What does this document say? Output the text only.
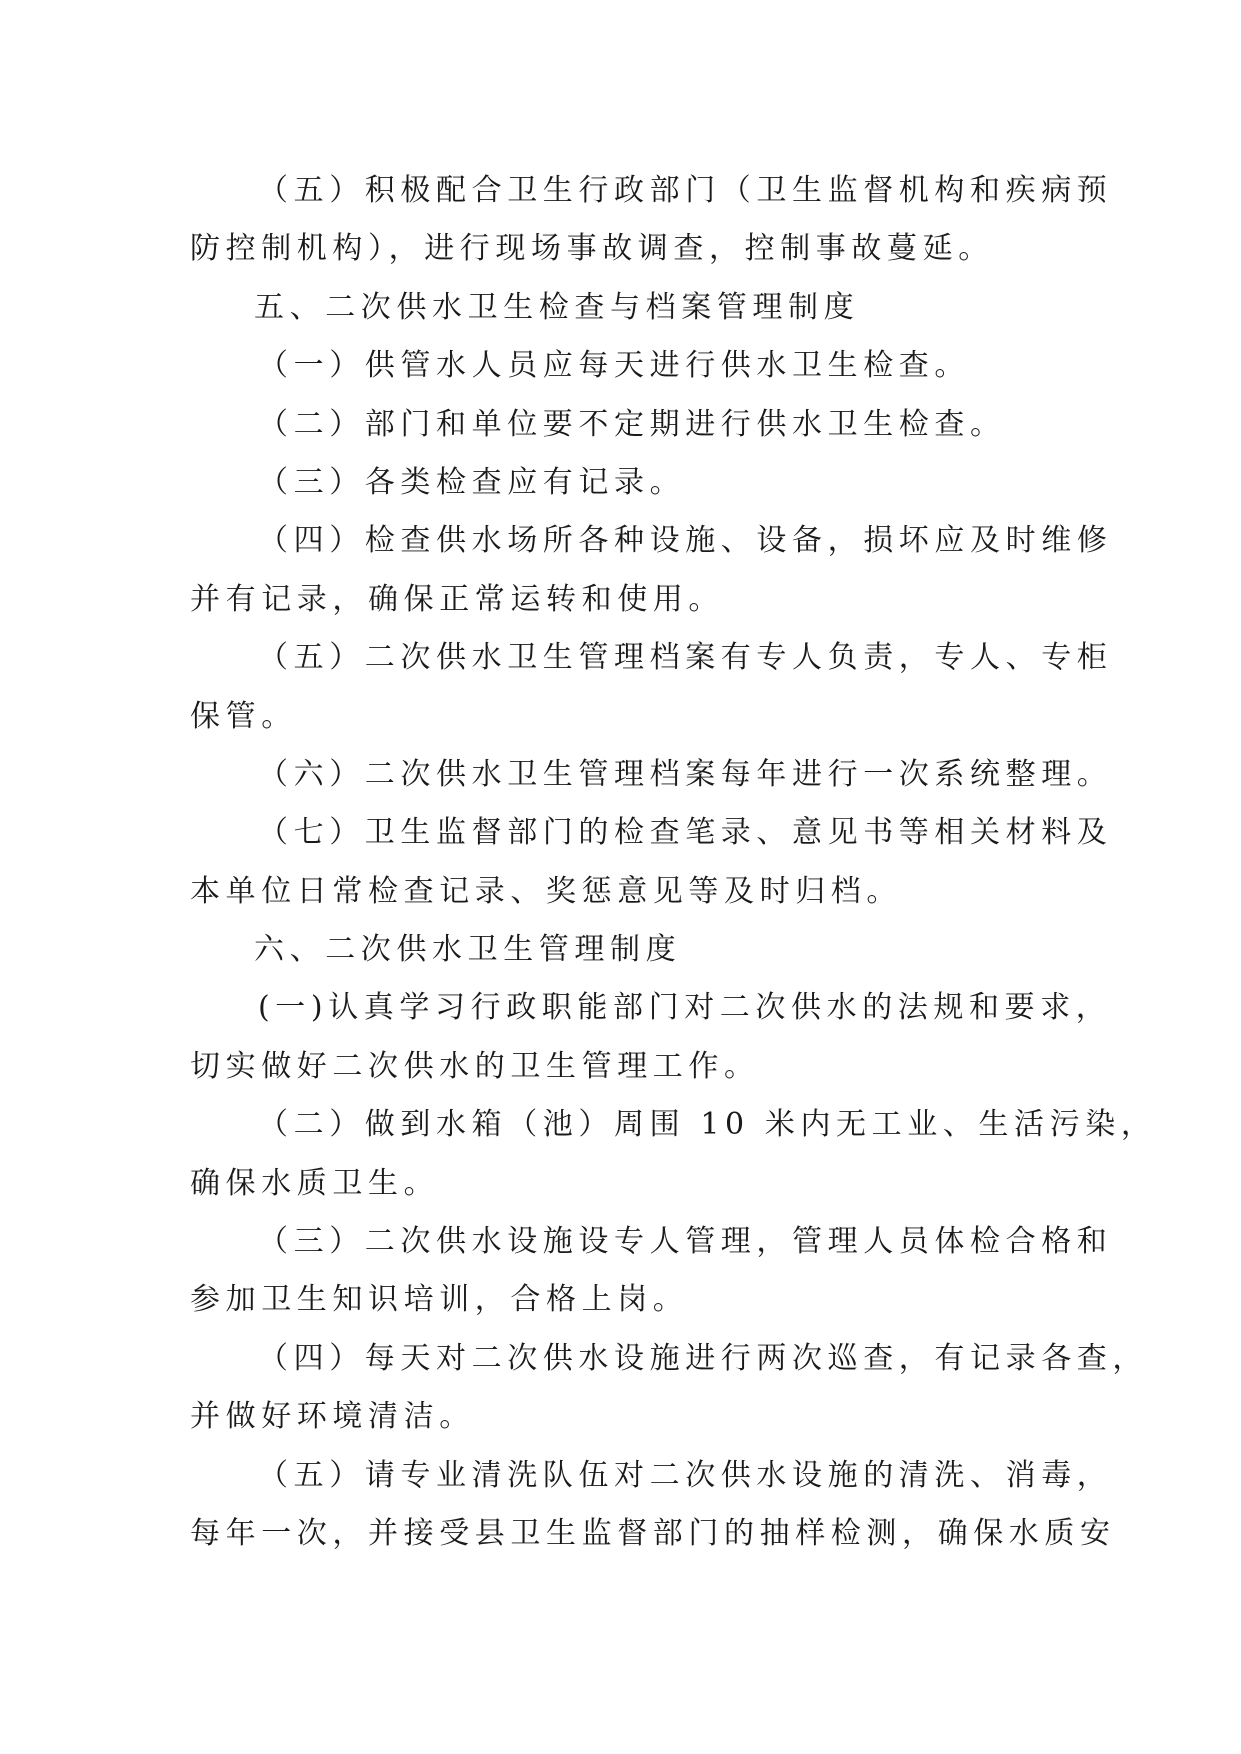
（五）积极配合卫生行政部门（卫生监督机构和疾病预
防控制机构），进行现场事故调查，控制事故蔓延。
五、二次供水卫生检查与档案管理制度
（一）供管水人员应每天进行供水卫生检查。
（二）部门和单位要不定期进行供水卫生检查。
（三）各类检查应有记录。
（四）检查供水场所各种设施、设备，损坏应及时维修
并有记录，确保正常运转和使用。
（五）二次供水卫生管理档案有专人负责，专人、专柜
保管。
（六）二次供水卫生管理档案每年进行一次系统整理。
（七）卫生监督部门的检查笔录、意见书等相关材料及
本单位日常检查记录、奖惩意见等及时归档。
六、二次供水卫生管理制度
(一)认真学习行政职能部门对二次供水的法规和要求，
切实做好二次供水的卫生管理工作。
（二）做到水箱（池）周围 10 米内无工业、生活污染，
确保水质卫生。
（三）二次供水设施设专人管理，管理人员体检合格和
参加卫生知识培训，合格上岗。
（四）每天对二次供水设施进行两次巡查，有记录各查，
并做好环境清洁。
（五）请专业清洗队伍对二次供水设施的清洗、消毒，
每年一次，并接受县卫生监督部门的抽样检测，确保水质安
